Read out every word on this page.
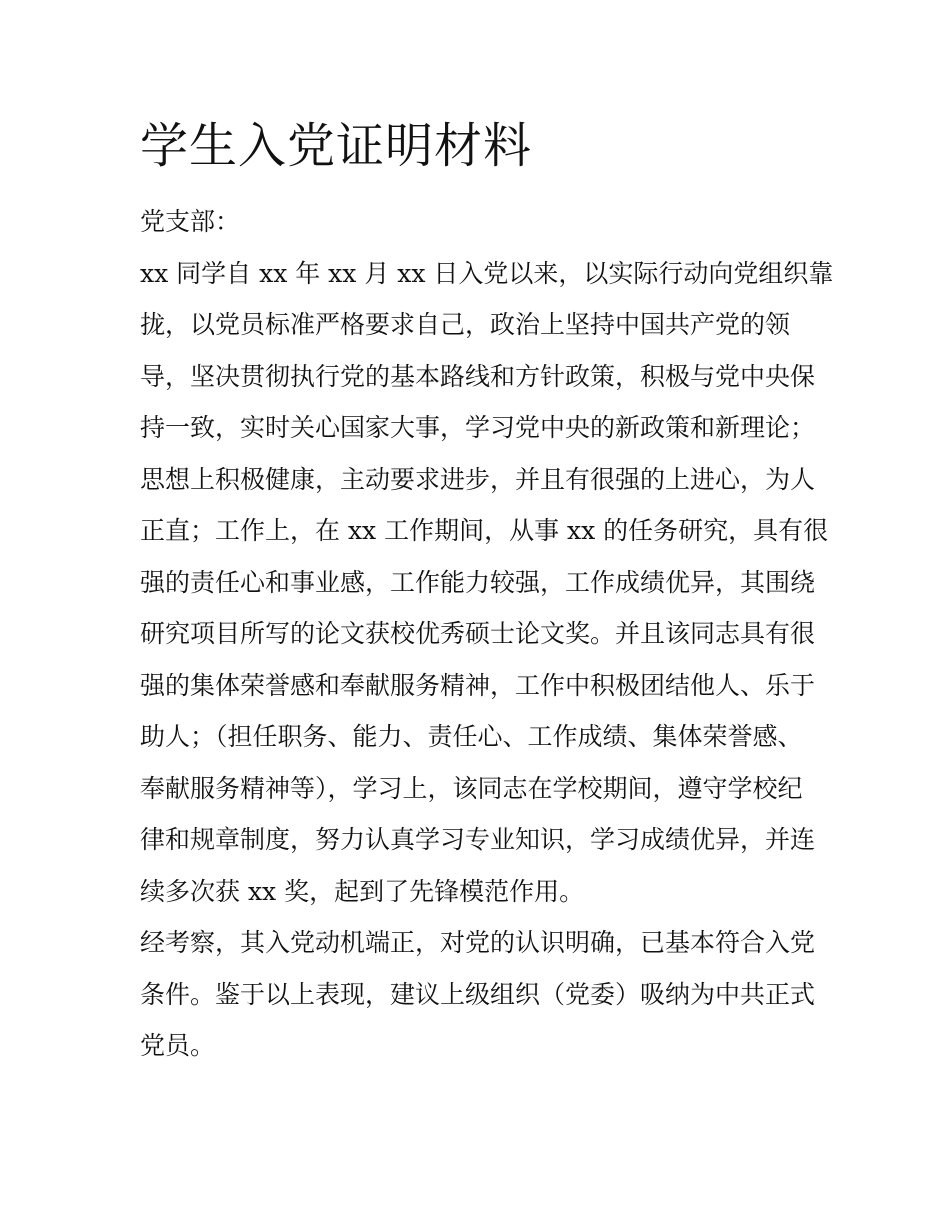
学生入党证明材料
党支部：
xx 同学自 xx 年 xx 月 xx 日入党以来，以实际行动向党组织靠
拢，以党员标准严格要求自己，政治上坚持中国共产党的领
导，坚决贯彻执行党的基本路线和方针政策，积极与党中央保
持一致，实时关心国家大事，学习党中央的新政策和新理论；
思想上积极健康，主动要求进步，并且有很强的上进心，为人
正直；工作上，在 xx 工作期间，从事 xx 的任务研究，具有很
强的责任心和事业感，工作能力较强，工作成绩优异，其围绕
研究项目所写的论文获校优秀硕士论文奖。并且该同志具有很
强的集体荣誉感和奉献服务精神，工作中积极团结他人、乐于
助人；（担任职务、能力、责任心、工作成绩、集体荣誉感、
奉献服务精神等），学习上，该同志在学校期间，遵守学校纪
律和规章制度，努力认真学习专业知识，学习成绩优异，并连
续多次获 xx 奖，起到了先锋模范作用。
经考察，其入党动机端正，对党的认识明确，已基本符合入党
条件。鉴于以上表现，建议上级组织（党委）吸纳为中共正式
党员。
